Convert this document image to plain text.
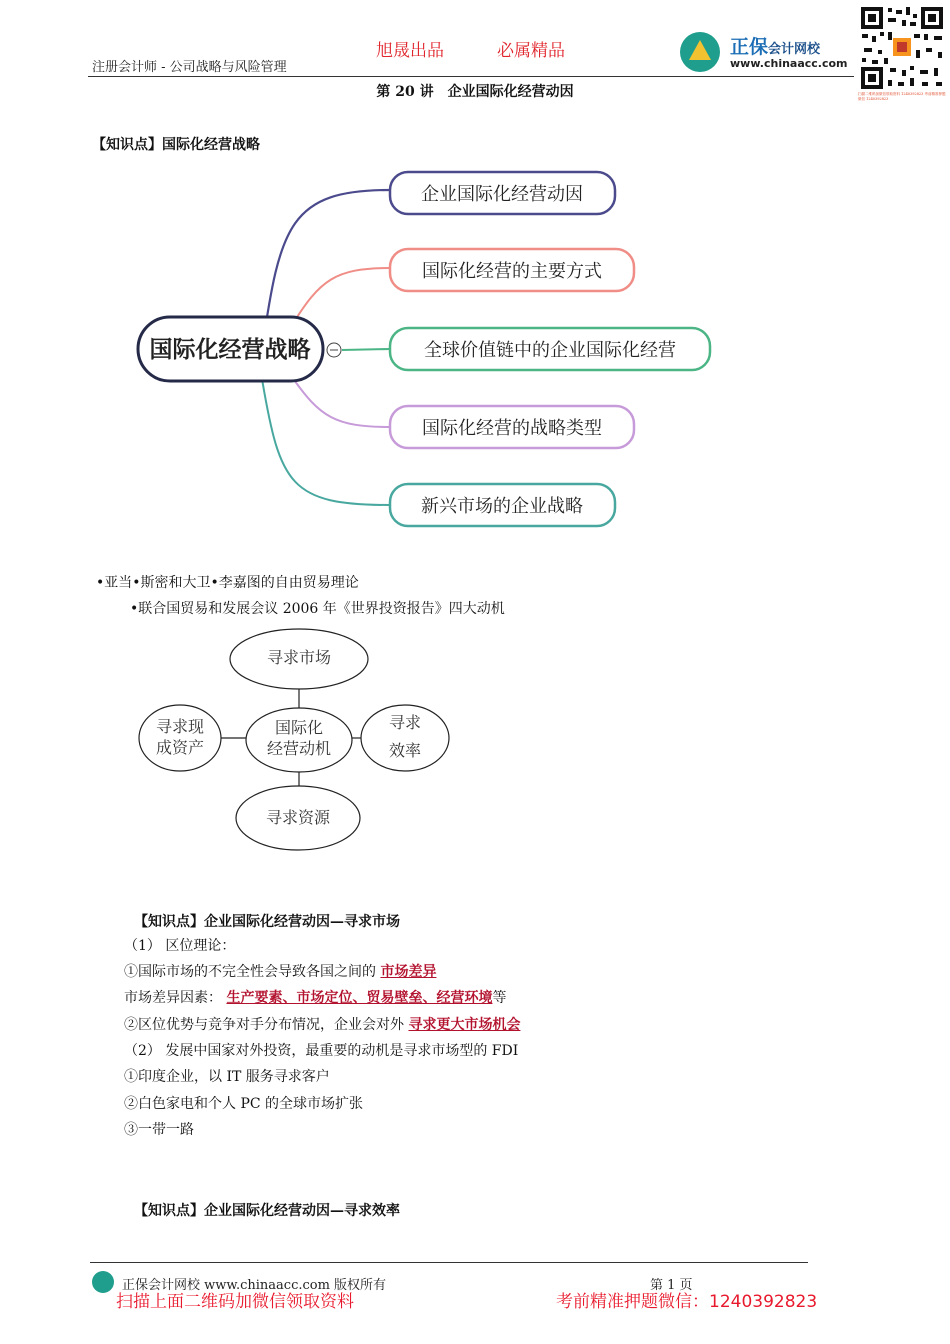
注册会计师 - 公司战略与风险管理
旭晟出品	必属精品	正保会计网校
www.chinaacc.com
扫描二维码加微信领取资料 1240392823 考前精准押题微信 1240392823
第 20 讲　企业国际化经营动因
【知识点】国际化经营战略
国际化经营战略
企业国际化经营动因
国际化经营的主要方式
全球价值链中的企业国际化经营
国际化经营的战略类型
新兴市场的企业战略
•亚当•斯密和大卫•李嘉图的自由贸易理论
•联合国贸易和发展会议 2006 年《世界投资报告》四大动机
寻求市场
国际化
经营动机
寻求现
成资产
寻求
效率
寻求资源
【知识点】企业国际化经营动因—寻求市场
（1） 区位理论：
①国际市场的不完全性会导致各国之间的 市场差异
市场差异因素： 生产要素、市场定位、贸易壁垒、经营环境等
②区位优势与竞争对手分布情况，企业会对外 寻求更大市场机会
（2） 发展中国家对外投资，最重要的动机是寻求市场型的 FDI
①印度企业，以 IT 服务寻求客户
②白色家电和个人 PC 的全球市场扩张
③一带一路
【知识点】企业国际化经营动因—寻求效率
正保会计网校 www.chinaacc.com 版权所有	第 1 页
扫描上面二维码加微信领取资料	考前精准押题微信：1240392823
